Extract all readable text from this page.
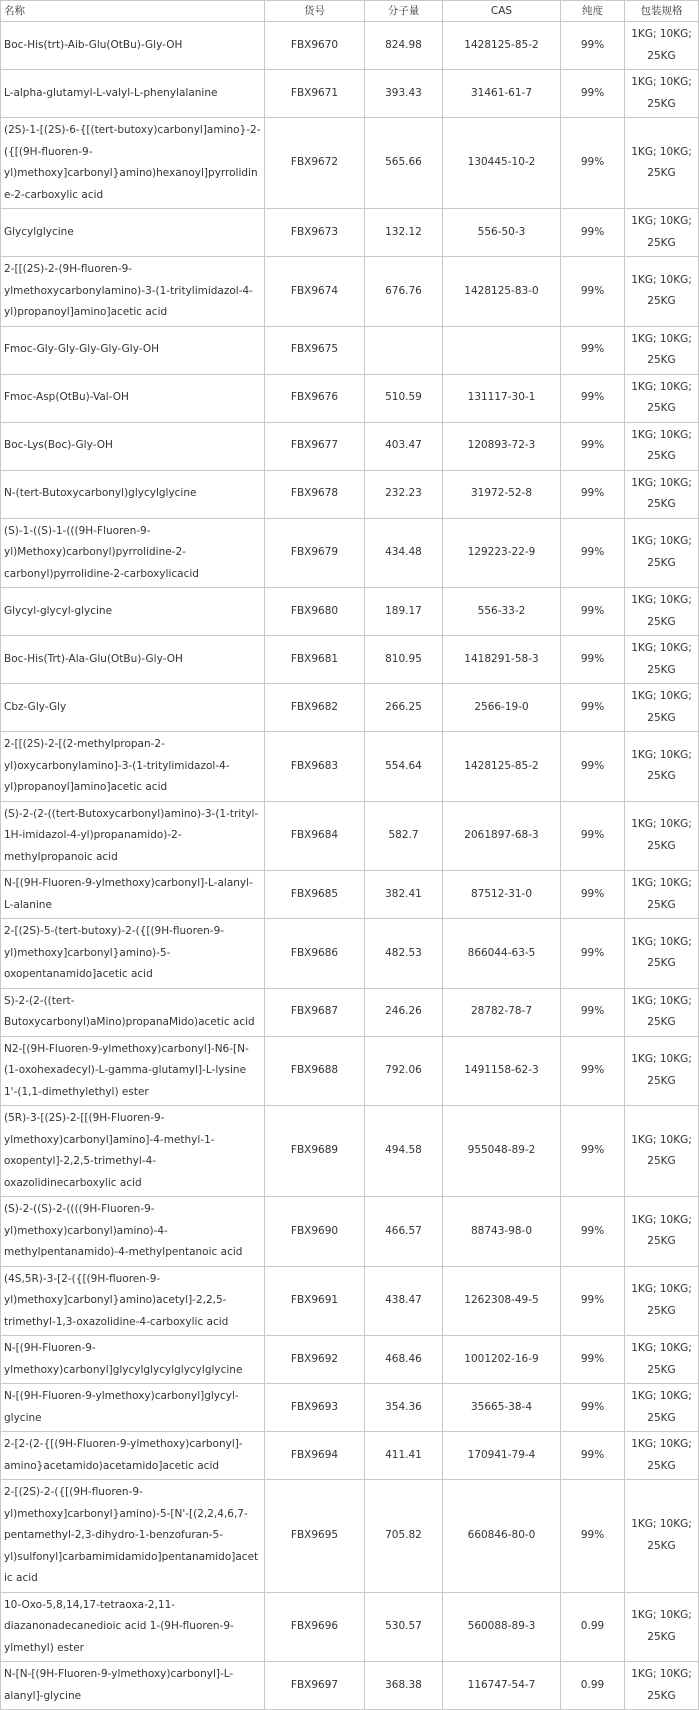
名称	货号	分子量	CAS	纯度	包装规格
Boc-His(trt)-Aib-Glu(OtBu)-Gly-OH	FBX9670	824.98	1428125-85-2	99%	1KG; 10KG; 25KG
L-alpha-glutamyl-L-valyl-L-phenylalanine	FBX9671	393.43	31461-61-7	99%	1KG; 10KG; 25KG
(2S)-1-[(2S)-6-{[(tert-butoxy)carbonyl]amino}-2-({[(9H-fluoren-9-yl)methoxy]carbonyl}amino)hexanoyl]pyrrolidine-2-carboxylic acid	FBX9672	565.66	130445-10-2	99%	1KG; 10KG; 25KG
Glycylglycine	FBX9673	132.12	556-50-3	99%	1KG; 10KG; 25KG
2-[[(2S)-2-(9H-fluoren-9-ylmethoxycarbonylamino)-3-(1-tritylimidazol-4-yl)propanoyl]amino]acetic acid	FBX9674	676.76	1428125-83-0	99%	1KG; 10KG; 25KG
Fmoc-Gly-Gly-Gly-Gly-Gly-OH	FBX9675			99%	1KG; 10KG; 25KG
Fmoc-Asp(OtBu)-Val-OH	FBX9676	510.59	131117-30-1	99%	1KG; 10KG; 25KG
Boc-Lys(Boc)-Gly-OH	FBX9677	403.47	120893-72-3	99%	1KG; 10KG; 25KG
N-(tert-Butoxycarbonyl)glycylglycine	FBX9678	232.23	31972-52-8	99%	1KG; 10KG; 25KG
(S)-1-((S)-1-(((9H-Fluoren-9-yl)Methoxy)carbonyl)pyrrolidine-2-carbonyl)pyrrolidine-2-carboxylicacid	FBX9679	434.48	129223-22-9	99%	1KG; 10KG; 25KG
Glycyl-glycyl-glycine	FBX9680	189.17	556-33-2	99%	1KG; 10KG; 25KG
Boc-His(Trt)-Ala-Glu(OtBu)-Gly-OH	FBX9681	810.95	1418291-58-3	99%	1KG; 10KG; 25KG
Cbz-Gly-Gly	FBX9682	266.25	2566-19-0	99%	1KG; 10KG; 25KG
2-[[(2S)-2-[(2-methylpropan-2-yl)oxycarbonylamino]-3-(1-tritylimidazol-4-yl)propanoyl]amino]acetic acid	FBX9683	554.64	1428125-85-2	99%	1KG; 10KG; 25KG
(S)-2-(2-((tert-Butoxycarbonyl)amino)-3-(1-trityl-1H-imidazol-4-yl)propanamido)-2-methylpropanoic acid	FBX9684	582.7	2061897-68-3	99%	1KG; 10KG; 25KG
N-[(9H-Fluoren-9-ylmethoxy)carbonyl]-L-alanyl-L-alanine	FBX9685	382.41	87512-31-0	99%	1KG; 10KG; 25KG
2-[(2S)-5-(tert-butoxy)-2-({[(9H-fluoren-9-yl)methoxy]carbonyl}amino)-5-oxopentanamido]acetic acid	FBX9686	482.53	866044-63-5	99%	1KG; 10KG; 25KG
S)-2-(2-((tert-Butoxycarbonyl)aMino)propanaMido)acetic acid	FBX9687	246.26	28782-78-7	99%	1KG; 10KG; 25KG
N2-[(9H-Fluoren-9-ylmethoxy)carbonyl]-N6-[N-(1-oxohexadecyl)-L-gamma-glutamyl]-L-lysine 1'-(1,1-dimethylethyl) ester	FBX9688	792.06	1491158-62-3	99%	1KG; 10KG; 25KG
(5R)-3-[(2S)-2-[[(9H-Fluoren-9-ylmethoxy)carbonyl]amino]-4-methyl-1-oxopentyl]-2,2,5-trimethyl-4-oxazolidinecarboxylic acid	FBX9689	494.58	955048-89-2	99%	1KG; 10KG; 25KG
(S)-2-((S)-2-((((9H-Fluoren-9-yl)methoxy)carbonyl)amino)-4-methylpentanamido)-4-methylpentanoic acid	FBX9690	466.57	88743-98-0	99%	1KG; 10KG; 25KG
(4S,5R)-3-[2-({[(9H-fluoren-9-yl)methoxy]carbonyl}amino)acetyl]-2,2,5-trimethyl-1,3-oxazolidine-4-carboxylic acid	FBX9691	438.47	1262308-49-5	99%	1KG; 10KG; 25KG
N-[(9H-Fluoren-9-ylmethoxy)carbonyl]glycylglycylglycylglycine	FBX9692	468.46	1001202-16-9	99%	1KG; 10KG; 25KG
N-[(9H-Fluoren-9-ylmethoxy)carbonyl]glycyl-glycine	FBX9693	354.36	35665-38-4	99%	1KG; 10KG; 25KG
2-[2-(2-{[(9H-Fluoren-9-ylmethoxy)carbonyl]-amino}acetamido)acetamido]acetic acid	FBX9694	411.41	170941-79-4	99%	1KG; 10KG; 25KG
2-[(2S)-2-({[(9H-fluoren-9-yl)methoxy]carbonyl}amino)-5-[N'-[(2,2,4,6,7-pentamethyl-2,3-dihydro-1-benzofuran-5-yl)sulfonyl]carbamimidamido]pentanamido]acetic acid	FBX9695	705.82	660846-80-0	99%	1KG; 10KG; 25KG
10-Oxo-5,8,14,17-tetraoxa-2,11-diazanonadecanedioic acid 1-(9H-fluoren-9-ylmethyl) ester	FBX9696	530.57	560088-89-3	0.99	1KG; 10KG; 25KG
N-[N-[(9H-Fluoren-9-ylmethoxy)carbonyl]-L-alanyl]-glycine	FBX9697	368.38	116747-54-7	0.99	1KG; 10KG; 25KG
